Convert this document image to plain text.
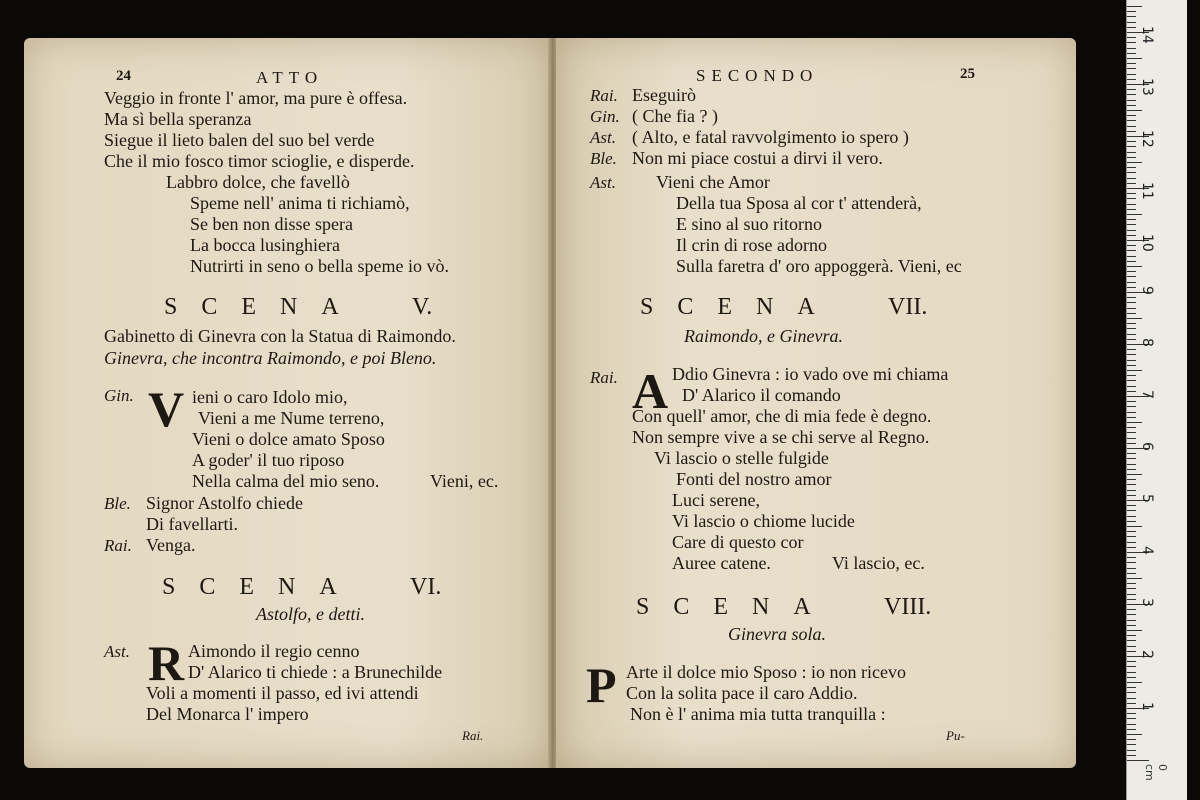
24	ATTO
Veggio in fronte l' amor, ma pure è offesa.
Ma sì bella speranza
Siegue il lieto balen del suo bel verde
Che il mio fosco timor scioglie, e disperde.
Labbro dolce, che favellò
Speme nell' anima ti richiamò,
Se ben non disse spera
La bocca lusinghiera
Nutrirti in seno o bella speme io vò.
SCENA V.
Gabinetto di Ginevra con la Statua di Raimondo.
Ginevra, che incontra Raimondo, e poi Bleno.
Gin. V ieni o caro Idolo mio,
Vieni a me Nume terreno,
Vieni o dolce amato Sposo
A goder' il tuo riposo
Nella calma del mio seno.	Vieni, ec.
Ble. Signor Astolfo chiede
Di favellarti.
Rai. Venga.
SCENA VI.
Astolfo, e detti.
Ast. R Aimondo il regio cenno
D' Alarico ti chiede : a Brunechilde
Voli a momenti il passo, ed ivi attendi
Del Monarca l' impero
Rai.
SECONDO	25
Rai. Eseguirò
Gin. ( Che fia ? )
Ast. ( Alto, e fatal ravvolgimento io spero )
Ble. Non mi piace costui a dirvi il vero.
Ast. Vieni che Amor
Della tua Sposa al cor t' attenderà,
E sino al suo ritorno
Il crin di rose adorno
Sulla faretra d' oro appoggerà. Vieni, ec
SCENA VII.
Raimondo, e Ginevra.
Rai. A Ddio Ginevra : io vado ove mi chiama
D' Alarico il comando
Con quell' amor, che di mia fede è degno.
Non sempre vive a se chi serve al Regno.
Vi lascio o stelle fulgide
Fonti del nostro amor
Luci serene,
Vi lascio o chiome lucide
Care di questo cor
Auree catene.	Vi lascio, ec.
SCENA VIII.
Ginevra sola.
P Arte il dolce mio Sposo : io non ricevo
Con la solita pace il caro Addio.
Non è l' anima mia tutta tranquilla :
Pu-
14
13
12
11
10
9
8
7
6
5
4
3
2
1
0 cm
